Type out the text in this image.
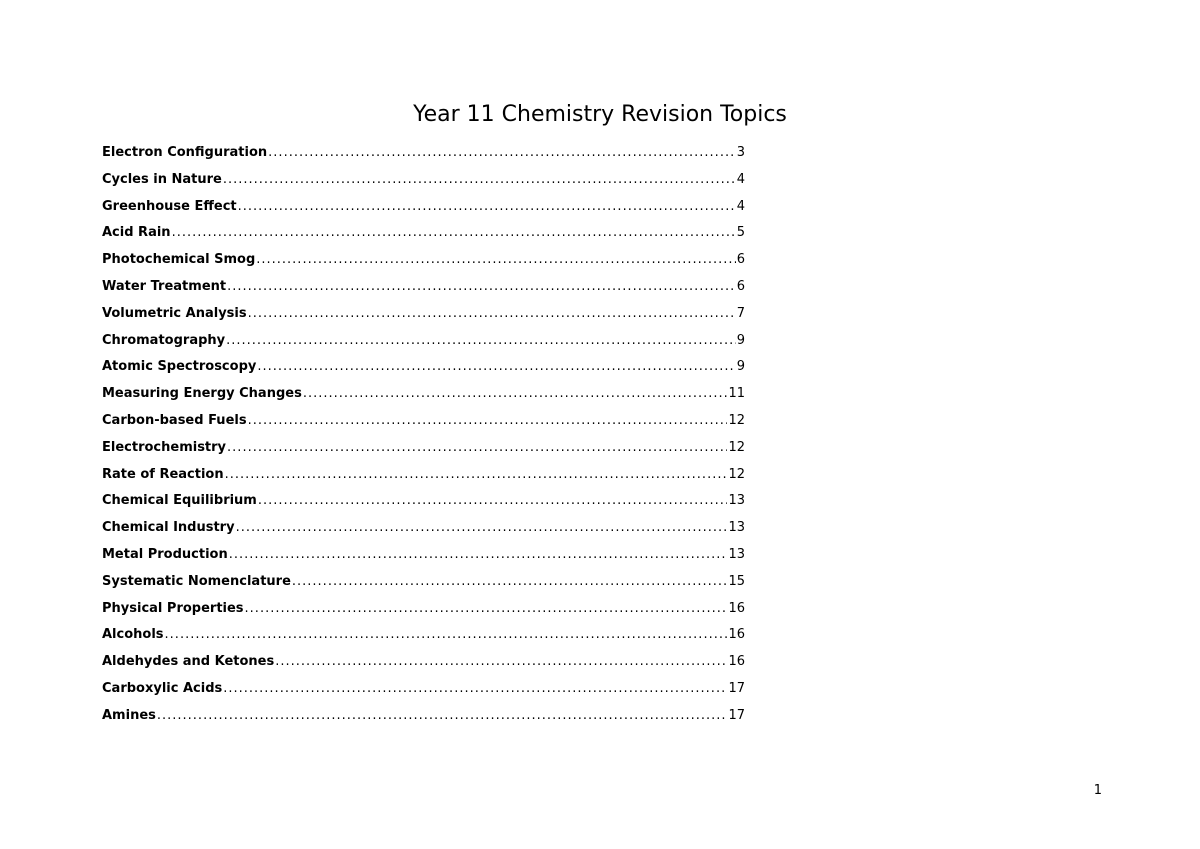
Year 11 Chemistry Revision Topics
Electron Configuration .....	3
Cycles in Nature .....	4
Greenhouse Effect .....	4
Acid Rain .....	5
Photochemical Smog .....	6
Water Treatment .....	6
Volumetric Analysis .....	7
Chromatography .....	9
Atomic Spectroscopy .....	9
Measuring Energy Changes .....	11
Carbon-based Fuels .....	12
Electrochemistry .....	12
Rate of Reaction .....	12
Chemical Equilibrium .....	13
Chemical Industry .....	13
Metal Production .....	13
Systematic Nomenclature .....	15
Physical Properties .....	16
Alcohols .....	16
Aldehydes and Ketones .....	16
Carboxylic Acids .....	17
Amines .....	17
1
